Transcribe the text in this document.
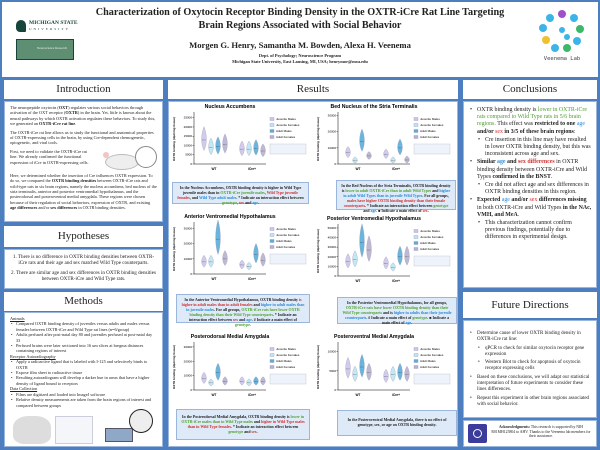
MICHIGAN STATE
UNIVERSITY
Neuroscience Research
Characterization of Oxytocin Receptor Binding Density in the OXTR-iCre Rat Line Targeting
Brain Regions Associated with Social Behavior
Morgen G. Henry, Samantha M. Bowden, Alexa H. Veenema
Dept. of Psychology; Neuroscience Program
Michigan State University, East Lansing, MI, USA; henrymor@msu.edu	Veenema Lab
Introduction

The neuropeptide oxytocin (OXT) regulates various social behaviors through activation of the OXT receptor (OXTR) in the brain. Yet, little is known about the neural pathways by which OXTR activation regulates these behaviors. To study this, we generated an OXTR-iCre rat line.

The OXTR-iCre rat line allows us to study the functional and anatomical properties of OXTR-expressing cells in the brain, by using Cre-dependent chemogenetic, optogenetic, and viral tools.

First, we need to validate the OXTR-iCre rat line. We already confirmed the functional expression of iCre in OXTR-expressing cells.

Here, we determined whether the insertion of Cre influences OXTR expression. To do so, we compared the OXTR binding densities between OXTR-iCre rats and wild-type rats in six brain regions, namely the nucleus accumbens, bed nucleus of the stria terminalis, anterior and posterior ventromedial hypothalamus, and the posterodorsal and posteroventral medial amygdala. These regions were chosen because of their regulation of social behaviors, expression of OXTR, and existing age differences and/or sex differences in OXTR binding densities.

Hypotheses

1. There is no difference in OXTR binding densities between OXTR-iCre rats and their age and sex matched Wild Type counterparts.

2. There are similar age and sex differences in OXTR binding densities between OXTR-iCre and Wild Type rats.

Methods
Animals
• Compared OXTR binding density of juveniles versus adults and males versus females between OXTR-iCre and Wild Type rat lines (n=6/group)
• Adults perfused after post-natal day 80 and juveniles perfused at post-natal day 33
• Perfused brains were later sectioned into 16 um slices at bregma distances containing regions of interest
Receptor Autoradiography
• Apply a radioactive ligand that is labeled with I-125 and selectively binds to OXTR
• Expose film sheet to radioactive tissue
• Resulting autoradiogram will develop a darker hue in areas that have a higher density of ligand bound to receptors
Data Collection
• Films are digitized and loaded into ImageJ software
• Relative density measurements are taken from the brain regions of interest and compared between groups
Results
Nucleus Accumbens
OXTR binding (dpm/mg tissue)
0
5000
10000
15000
20000
25000
WT	iCre+
Juvenile Males
Juvenile Females
Adult Males
Adult Females
Bed Nucleus of the Stria Terminalis
OXTR binding (dpm/mg tissue)
0
10000
20000
30000
WT	iCre+
Juvenile Males
Juvenile Females
Adult Males
Adult Females
Anterior Ventromedial Hypothalamus
OXTR binding (dpm/mg tissue)
0
10000
20000
30000
WT	iCre+
Juvenile Males
Juvenile Females
Adult Males
Adult Females
Posterior Ventromedial Hypothalamus
OXTR binding (dpm/mg tissue)
0
10000
20000
30000
40000
50000
WT	iCre+
Juvenile Males
Juvenile Females
Adult Males
Adult Females
Posterodorsal Medial Amygdala
OXTR binding (dpm/mg tissue)
0
10000
20000
30000
WT	iCre+
Juvenile Males
Juvenile Females
Adult Males
Adult Females
Posteroventral Medial Amygdala
OXTR binding (dpm/mg tissue)
0
5000
10000
WT	iCre+
Juvenile Males
Juvenile Females
Adult Males
Adult Females
In the Nucleus Accumbens, OXTR binding density is higher in Wild Type juvenile males than in OXTR-iCre juvenile males, Wild Type juvenile females, and Wild Type adult males. * Indicate an interaction effect between genotype, sex and age.
In the Bed Nucleus of the Stria Terminalis, OXTR binding density is lower in adult OXTR-iCre than in adult Wild Types and higher in adult Wild Types than in juvenile Wild Types. For all groups, males have higher OXTR binding density than their female counterparts. * Indicate an interaction effect between genotype and age. ■ Indicate a main effect of sex.
In the Anterior Ventromedial Hypothalamus, OXTR binding density is higher in adult males than in adult females and higher in adult males than in juvenile males. For all groups, OXTR-iCre rats have lower OXTR binding density than their Wild Type counterparts. * Indicate an interaction effect between sex and age. # Indicate a main effect of genotype.
In the Posterior Ventromedial Hypothalamus, for all groups, OXTR-iCre rats have lower OXTR binding density than their Wild Type counterparts and is higher in adults than their juvenile counterparts. # Indicate a main effect of genotype. ■ Indicate a main effect of age.
In the Posterodorsal Medial Amygdala, OXTR binding density is lower in OXTR-iCre males than in Wild Type males and higher in Wild Type males than in Wild Type females. * Indicate an interaction effect between genotype and sex.
In the Posteroventral Medial Amygdala, there is no effect of genotype, sex, or age on OXTR binding density.
Conclusions
• OXTR binding density is lower in OXTR-iCre rats compared to Wild Type rats in 5/6 brain regions. This effect was restricted to one age and/or sex in 3/5 of these brain regions:
• Cre insertion in this line may have resulted in lower OXTR binding density, but this was inconsistent across age and sex.
• Similar age and sex differences in OXTR binding density between OXTR-iCre and Wild Types confirmed in the BNST.
• Cre did not affect age and sex differences in OXTR binding densities in this region.
• Expected age and/or sex differences missing in both OXTR-iCre and Wild Types in the NAc, VMH, and MeA.
• This characterization cannot confirm previous findings, potentially due to differences in experimental design.
Future Directions
• Determine cause of lower OXTR binding density in OXTR-iCre rat line:
• qPCR to check for similar oxytocin receptor gene expression
• Western Blot to check for apoptosis of oxytocin receptor expressing cells
• Based on these conclusions, we will adapt our statistical interpretation of future experiments to consider these lines differences.
• Repeat this experiment in other brain regions associated with social behavior.
Acknowledgments: This research is supported by NIH R01MH125804 to AHV. Thanks to the Veenema lab members for their assistance.
